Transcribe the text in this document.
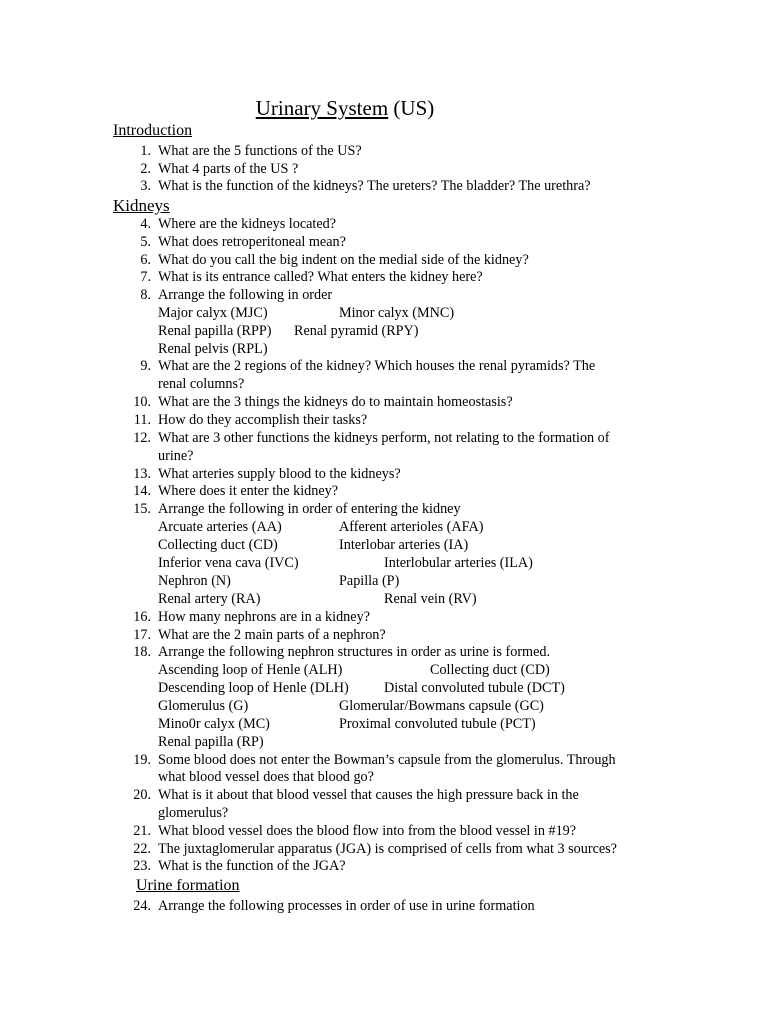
Urinary System (US)
Introduction
1. What are the 5 functions of the US?
2. What 4 parts of the US ?
3. What is the function of the kidneys? The ureters? The bladder? The urethra?
Kidneys
4. Where are the kidneys located?
5. What does retroperitoneal mean?
6. What do you call the big indent on the medial side of the kidney?
7. What is its entrance called? What enters the kidney here?
8. Arrange the following in order
Major calyx (MJC)	Minor calyx (MNC)
Renal papilla (RPP) Renal pyramid (RPY)
Renal pelvis (RPL)
9. What are the 2 regions of the kidney? Which houses the renal pyramids? The
renal columns?
10. What are the 3 things the kidneys do to maintain homeostasis?
11. How do they accomplish their tasks?
12. What are 3 other functions the kidneys perform, not relating to the formation of
urine?
13. What arteries supply blood to the kidneys?
14. Where does it enter the kidney?
15. Arrange the following in order of entering the kidney
Arcuate arteries (AA)	Afferent arterioles (AFA)
Collecting duct (CD)	Interlobar arteries (IA)
Inferior vena cava (IVC)	Interlobular arteries (ILA)
Nephron (N)	Papilla (P)
Renal artery (RA)	Renal vein (RV)
16. How many nephrons are in a kidney?
17. What are the 2 main parts of a nephron?
18. Arrange the following nephron structures in order as urine is formed.
Ascending loop of Henle (ALH)	Collecting duct (CD)
Descending loop of Henle (DLH) Distal convoluted tubule (DCT)
Glomerulus (G)	Glomerular/Bowmans capsule (GC)
Mino0r calyx (MC)	Proximal convoluted tubule (PCT)
Renal papilla (RP)
19. Some blood does not enter the Bowman’s capsule from the glomerulus. Through
what blood vessel does that blood go?
20. What is it about that blood vessel that causes the high pressure back in the
glomerulus?
21. What blood vessel does the blood flow into from the blood vessel in #19?
22. The juxtaglomerular apparatus (JGA) is comprised of cells from what 3 sources?
23. What is the function of the JGA?
Urine formation
24. Arrange the following processes in order of use in urine formation
